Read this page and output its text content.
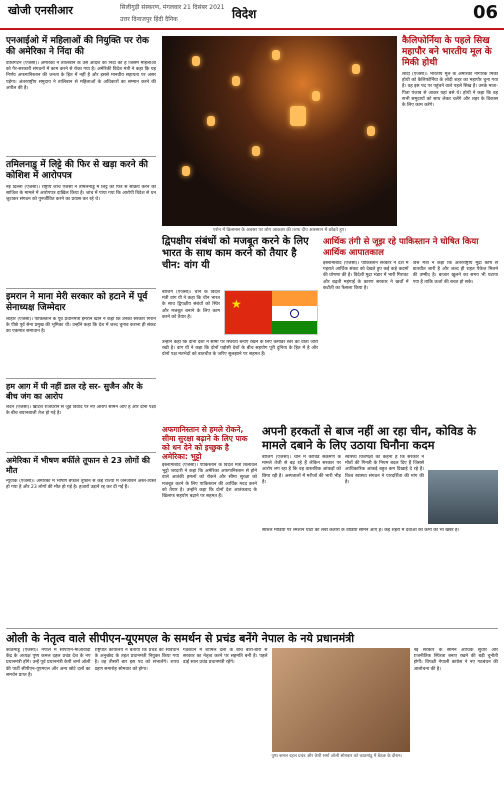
खोजी एनसीआर	सिलीगुड़ी संस्करण, मंगलवार 21 दिसंबर 2021
उत्तर दिनाजपुर हिंदी दैनिक	विदेश	06
एनआईओ में महिलाओं की नियुक्ति पर रोक की अमेरिका ने निंदा की
वाशिंगटन (एजेंसी)। अमेरिका ने तालिबान के उस आदेश की निंदा की है जिसमें महिलाओं को गैर-सरकारी संगठनों में काम करने से रोका गया है। अमेरिकी विदेश मंत्री ने कहा कि यह निर्णय अफगानिस्तान की जनता के हित में नहीं है और इससे मानवीय सहायता पर असर पड़ेगा। अंतरराष्ट्रीय समुदाय ने तालिबान से महिलाओं के अधिकारों का सम्मान करने की अपील की है।
तमिलनाडु में लिट्टे की फिर से खड़ा करने की कोशिश में आरोपपत्र
नई दिल्ली (एजेंसी)। राष्ट्रीय जांच एजेंसी ने तमिलनाडु में लिट्टे को फिर से सक्रिय करने की साजिश के मामले में आरोपपत्र दाखिल किया है। जांच में पाया गया कि आरोपी विदेश से धन जुटाकर संगठन को पुनर्जीवित करने का प्रयास कर रहे थे।
इमरान ने माना मेरी सरकार को हटाने में पूर्व सेनाध्यक्ष जिम्मेदार
लाहौर (एजेंसी)। पाकिस्तान के पूर्व प्रधानमंत्री इमरान खान ने कहा कि उनकी सरकार गिराने के पीछे पूर्व सेना प्रमुख की भूमिका थी। उन्होंने कहा कि देश में जल्द चुनाव कराना ही संकट का एकमात्र समाधान है।
हम आग में घी नहीं डाल रहे सर- सुजैन और के बीच जंग का आरोप
लंदन (एजेंसी)। ब्रिटिश राजघराने से जुड़े विवाद पर नए आरोप सामने आए हैं और दोनों पक्षों के बीच बयानबाजी तेज हो गई है।
अमेरिका में भीषण बर्फीले तूफान से 23 लोगों की मौत
न्यूयॉर्क (एजेंसी)। अमेरिका में भीषण बर्फीले तूफान से कई राज्यों में जनजीवन अस्त-व्यस्त हो गया है और 23 लोगों की मौत हो गई है। हजारों उड़ानें रद्द कर दी गई हैं।
एरोन में क्रिसमस के अवसर पर लोग आकाश की तरफ दीप आसमान में छोड़ते हुए।
कैलिफोर्निया के पहले सिख महापौर बने भारतीय मूल के मिकी होथी
लोदी (एजेंसी)। भारतीय मूल के अमेरिकी नागरिक मिकी होथी को कैलिफोर्निया के लोदी शहर का महापौर चुना गया है। वह इस पद पर पहुंचने वाले पहले सिख हैं। उनके माता-पिता पंजाब से आकर यहां बसे थे। होथी ने कहा कि वह सभी समुदायों को साथ लेकर चलेंगे और शहर के विकास के लिए काम करेंगे।
आर्थिक तंगी से जूझ रहे पाकिस्तान ने घोषित किया आर्थिक आपातकाल
इस्लामाबाद (एजेंसी)। पाकिस्तान सरकार ने देश में गहराते आर्थिक संकट को देखते हुए कई कड़े कदमों की घोषणा की है। विदेशी मुद्रा भंडार में भारी गिरावट और बढ़ती महंगाई के कारण सरकार ने खर्चों में कटौती का फैसला किया है।
वित्त मंत्री ने कहा कि अंतरराष्ट्रीय मुद्रा कोष से बातचीत जारी है और जल्द ही राहत पैकेज मिलने की उम्मीद है। बाजार खुलने का समय भी घटाया गया है ताकि ऊर्जा की बचत हो सके।
द्विपक्षीय संबंधों को मजबूत करने के लिए भारत के साथ काम करने को तैयार है चीन: वांग यी
बीजिंग (एजेंसी)। चीन के विदेश मंत्री वांग यी ने कहा कि चीन भारत के साथ द्विपक्षीय संबंधों को स्थिर और मजबूत बनाने के लिए काम करने को तैयार है।
★
उन्होंने कहा कि दोनों देशों ने सीमा पर स्थिरता बनाए रखने के लिए कमांडर स्तर की वार्ता जारी रखी है। वांग यी ने कहा कि दोनों पड़ोसी देशों के बीच सहयोग पूरी दुनिया के हित में है और दोनों पक्ष मतभेदों को बातचीत के जरिए सुलझाने पर सहमत हैं।
अफगानिस्तान से हमले रोकने, सीमा सुरक्षा बढ़ाने के लिए पाक को धन देने को इच्छुक है अमेरिका: भुट्टो
इस्लामाबाद (एजेंसी)। पाकिस्तान के विदेश मंत्री बिलावल भुट्टो जरदारी ने कहा कि अमेरिका अफगानिस्तान से होने वाले आतंकी हमलों को रोकने और सीमा सुरक्षा को मजबूत करने के लिए पाकिस्तान की आर्थिक मदद करने को तैयार है। उन्होंने कहा कि दोनों देश आतंकवाद के खिलाफ सहयोग बढ़ाने पर सहमत हैं।
अपनी हरकतों से बाज नहीं आ रहा चीन, कोविड के मामले दबाने के लिए उठाया घिनौना कदम
बीजिंग (एजेंसी)। चीन में कोविड संक्रमण के मामले तेजी से बढ़ रहे हैं लेकिन सरकार पर आरोप लग रहा है कि वह वास्तविक आंकड़ों को छिपा रही है। अस्पतालों में मरीजों की भारी भीड़ है।
स्वास्थ्य विशेषज्ञों का कहना है कि सरकार ने मौतों की गिनती के नियम बदल दिए हैं जिससे आधिकारिक आंकड़े बहुत कम दिखाई दे रहे हैं। विश्व स्वास्थ्य संगठन ने पारदर्शिता की मांग की है।
सोशल मीडिया पर श्मशान घाटों की लंबी कतारों के वीडियो सामने आए हैं। कई शहरों में दवाओं की कमी की भी खबरें हैं।
ओली के नेतृत्व वाले सीपीएन-यूएमएल के समर्थन से प्रचंड बनेंगे नेपाल के नये प्रधानमंत्री
काठमांडू (एजेंसी)। नेपाल में सीपीएन-माओवादी केंद्र के अध्यक्ष पुष्प कमल दहल प्रचंड देश के नए प्रधानमंत्री होंगे। उन्हें पूर्व प्रधानमंत्री केपी शर्मा ओली की पार्टी सीपीएन-यूएमएल और अन्य छोटे दलों का समर्थन प्राप्त है।
राष्ट्रपति कार्यालय ने बताया कि प्रचंड को संविधान के अनुच्छेद के तहत प्रधानमंत्री नियुक्त किया गया है। वह तीसरी बार इस पद को संभालेंगे। शपथ ग्रहण समारोह सोमवार को होगा।
गठबंधन में शामिल दलों के बीच बारी-बारी से सरकार का नेतृत्व करने पर सहमति बनी है। पहले ढाई साल प्रचंड प्रधानमंत्री रहेंगे।
पुष्प कमल दहल प्रचंड और केपी शर्मा ओली सोमवार को काठमांडू में बैठक के दौरान।
नई सरकार के सामने आर्थिक सुधार और राजनीतिक स्थिरता बनाए रखने की बड़ी चुनौती होगी। विपक्षी नेपाली कांग्रेस ने नए गठबंधन की आलोचना की है।
